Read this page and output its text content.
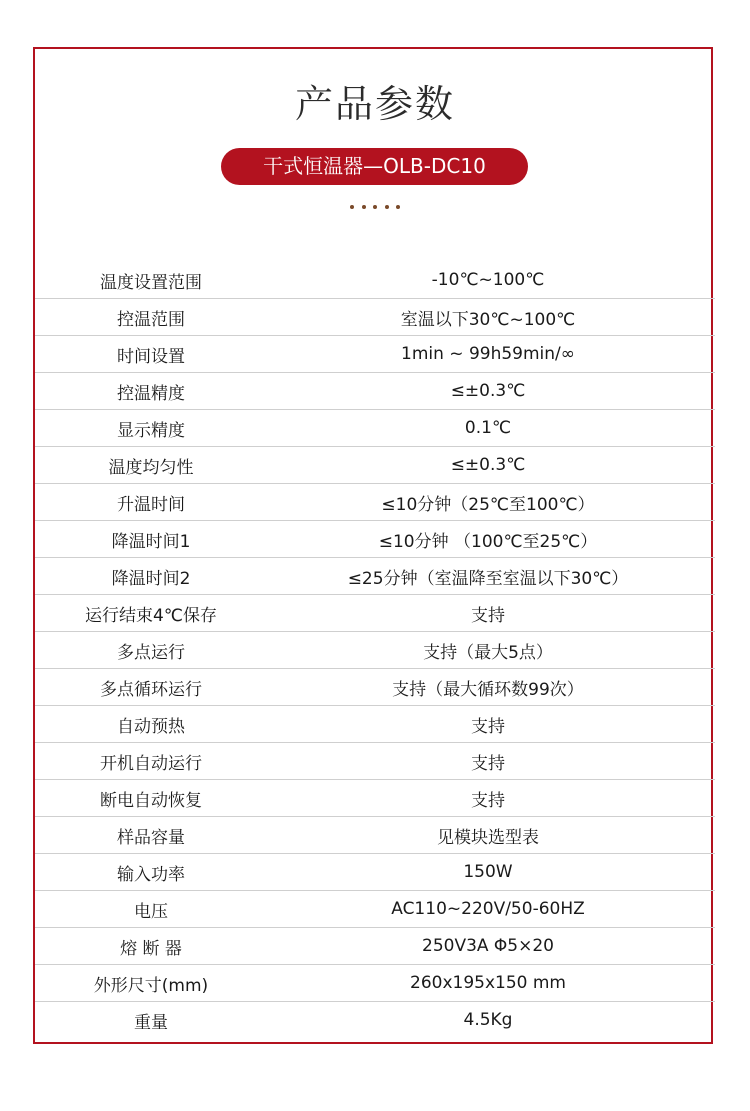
产品参数
干式恒温器—OLB-DC10
温度设置范围	-10℃~100℃
控温范围	室温以下30℃~100℃
时间设置	1min ~ 99h59min/∞
控温精度	≤±0.3℃
显示精度	0.1℃
温度均匀性	≤±0.3℃
升温时间	≤10分钟（25℃至100℃）
降温时间1	≤10分钟 （100℃至25℃）
降温时间2	≤25分钟（室温降至室温以下30℃）
运行结束4℃保存	支持
多点运行	支持（最大5点）
多点循环运行	支持（最大循环数99次）
自动预热	支持
开机自动运行	支持
断电自动恢复	支持
样品容量	见模块选型表
输入功率	150W
电压	AC110~220V/50-60HZ
熔 断 器	250V3A Φ5×20
外形尺寸(mm)	260x195x150 mm
重量	4.5Kg
